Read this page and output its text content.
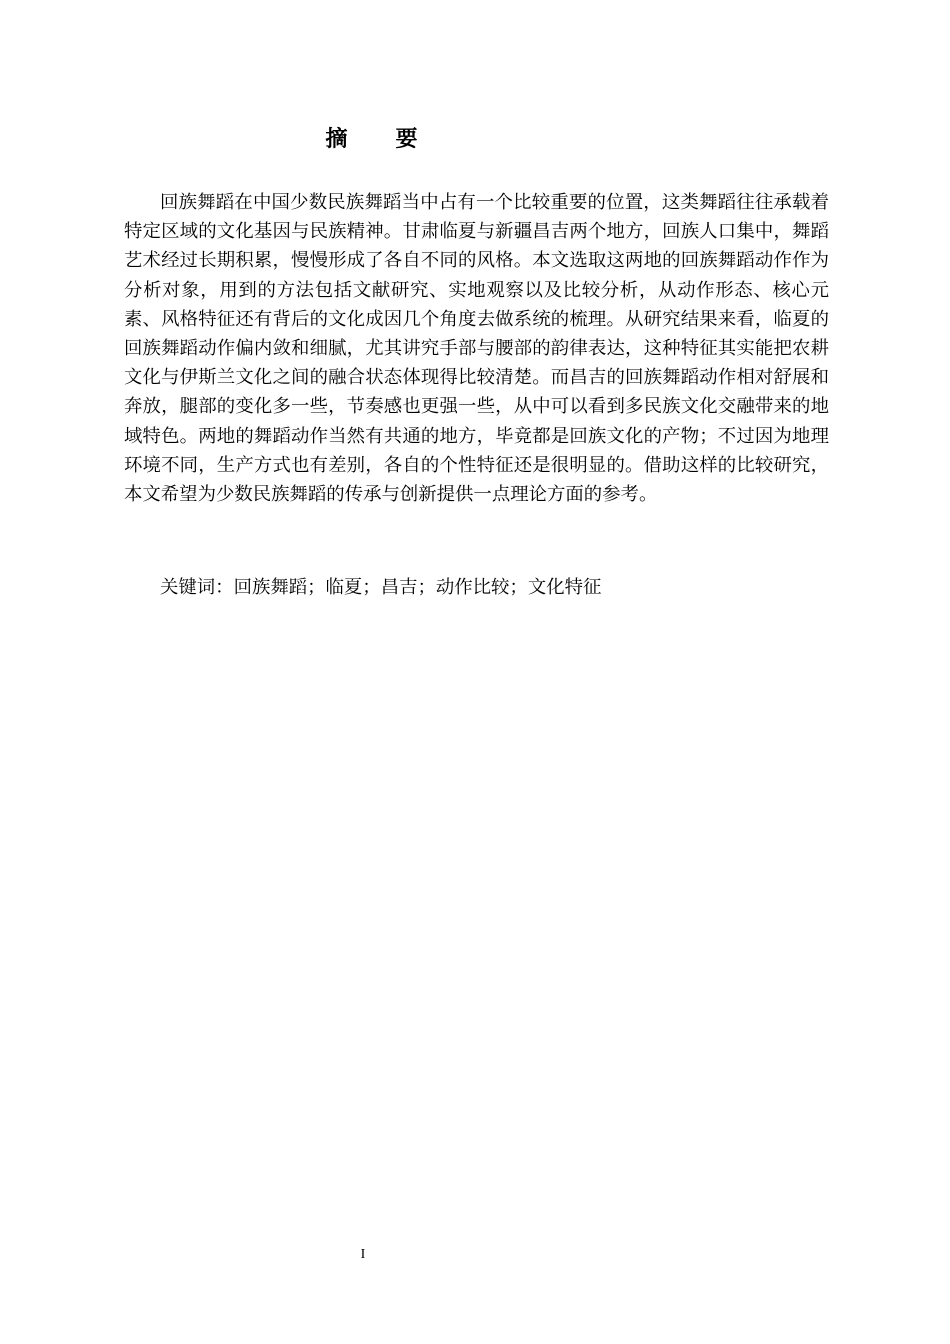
摘 要

回族舞蹈在中国少数民族舞蹈当中占有一个比较重要的位置，这类舞蹈往往承载着特定区域的文化基因与民族精神。甘肃临夏与新疆昌吉两个地方，回族人口集中，舞蹈艺术经过长期积累，慢慢形成了各自不同的风格。本文选取这两地的回族舞蹈动作作为分析对象，用到的方法包括文献研究、实地观察以及比较分析，从动作形态、核心元素、风格特征还有背后的文化成因几个角度去做系统的梳理。从研究结果来看，临夏的回族舞蹈动作偏内敛和细腻，尤其讲究手部与腰部的韵律表达，这种特征其实能把农耕文化与伊斯兰文化之间的融合状态体现得比较清楚。而昌吉的回族舞蹈动作相对舒展和奔放，腿部的变化多一些，节奏感也更强一些，从中可以看到多民族文化交融带来的地域特色。两地的舞蹈动作当然有共通的地方，毕竟都是回族文化的产物；不过因为地理环境不同，生产方式也有差别，各自的个性特征还是很明显的。借助这样的比较研究，本文希望为少数民族舞蹈的传承与创新提供一点理论方面的参考。

关键词：回族舞蹈；临夏；昌吉；动作比较；文化特征

I
